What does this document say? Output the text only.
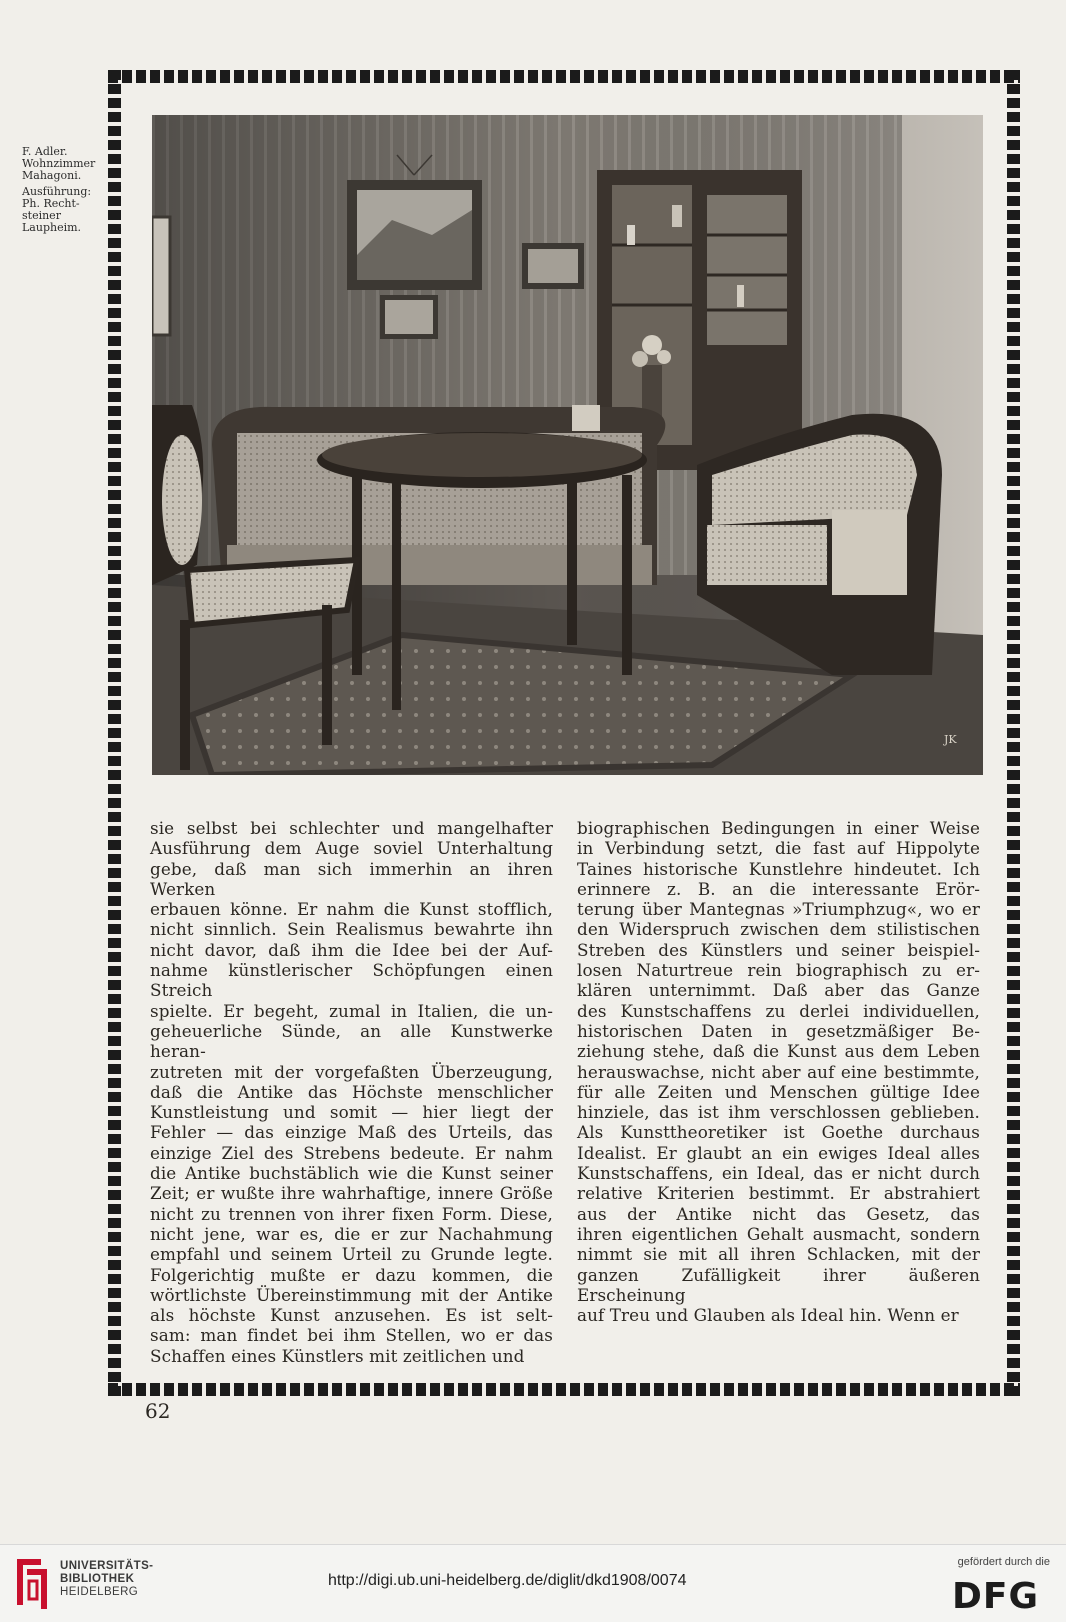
F. Adler.
Wohnzimmer
Mahagoni.
Ausführung:
Ph. Recht-
steiner
Laupheim.
JK
sie selbst bei schlechter und mangelhafter
Ausführung dem Auge soviel Unterhaltung
gebe, daß man sich immerhin an ihren Werken
erbauen könne. Er nahm die Kunst stofflich,
nicht sinnlich. Sein Realismus bewahrte ihn
nicht davor, daß ihm die Idee bei der Auf-
nahme künstlerischer Schöpfungen einen Streich
spielte. Er begeht, zumal in Italien, die un-
geheuerliche Sünde, an alle Kunstwerke heran-
zutreten mit der vorgefaßten Überzeugung,
daß die Antike das Höchste menschlicher
Kunstleistung und somit — hier liegt der
Fehler — das einzige Maß des Urteils, das
einzige Ziel des Strebens bedeute. Er nahm
die Antike buchstäblich wie die Kunst seiner
Zeit; er wußte ihre wahrhaftige, innere Größe
nicht zu trennen von ihrer fixen Form. Diese,
nicht jene, war es, die er zur Nachahmung
empfahl und seinem Urteil zu Grunde legte.
Folgerichtig mußte er dazu kommen, die
wörtlichste Übereinstimmung mit der Antike
als höchste Kunst anzusehen. Es ist selt-
sam: man findet bei ihm Stellen, wo er das
Schaffen eines Künstlers mit zeitlichen und
biographischen Bedingungen in einer Weise
in Verbindung setzt, die fast auf Hippolyte
Taines historische Kunstlehre hindeutet. Ich
erinnere z. B. an die interessante Erör-
terung über Mantegnas »Triumphzug«, wo er
den Widerspruch zwischen dem stilistischen
Streben des Künstlers und seiner beispiel-
losen Naturtreue rein biographisch zu er-
klären unternimmt. Daß aber das Ganze
des Kunstschaffens zu derlei individuellen,
historischen Daten in gesetzmäßiger Be-
ziehung stehe, daß die Kunst aus dem Leben
herauswachse, nicht aber auf eine bestimmte,
für alle Zeiten und Menschen gültige Idee
hinziele, das ist ihm verschlossen geblieben.
Als Kunsttheoretiker ist Goethe durchaus
Idealist. Er glaubt an ein ewiges Ideal alles
Kunstschaffens, ein Ideal, das er nicht durch
relative Kriterien bestimmt. Er abstrahiert
aus der Antike nicht das Gesetz, das
ihren eigentlichen Gehalt ausmacht, sondern
nimmt sie mit all ihren Schlacken, mit der
ganzen Zufälligkeit ihrer äußeren Erscheinung
auf Treu und Glauben als Ideal hin. Wenn er
62
UNIVERSITÄTS-
BIBLIOTHEK
HEIDELBERG
http://digi.ub.uni-heidelberg.de/diglit/dkd1908/0074
gefördert durch die
DFG
